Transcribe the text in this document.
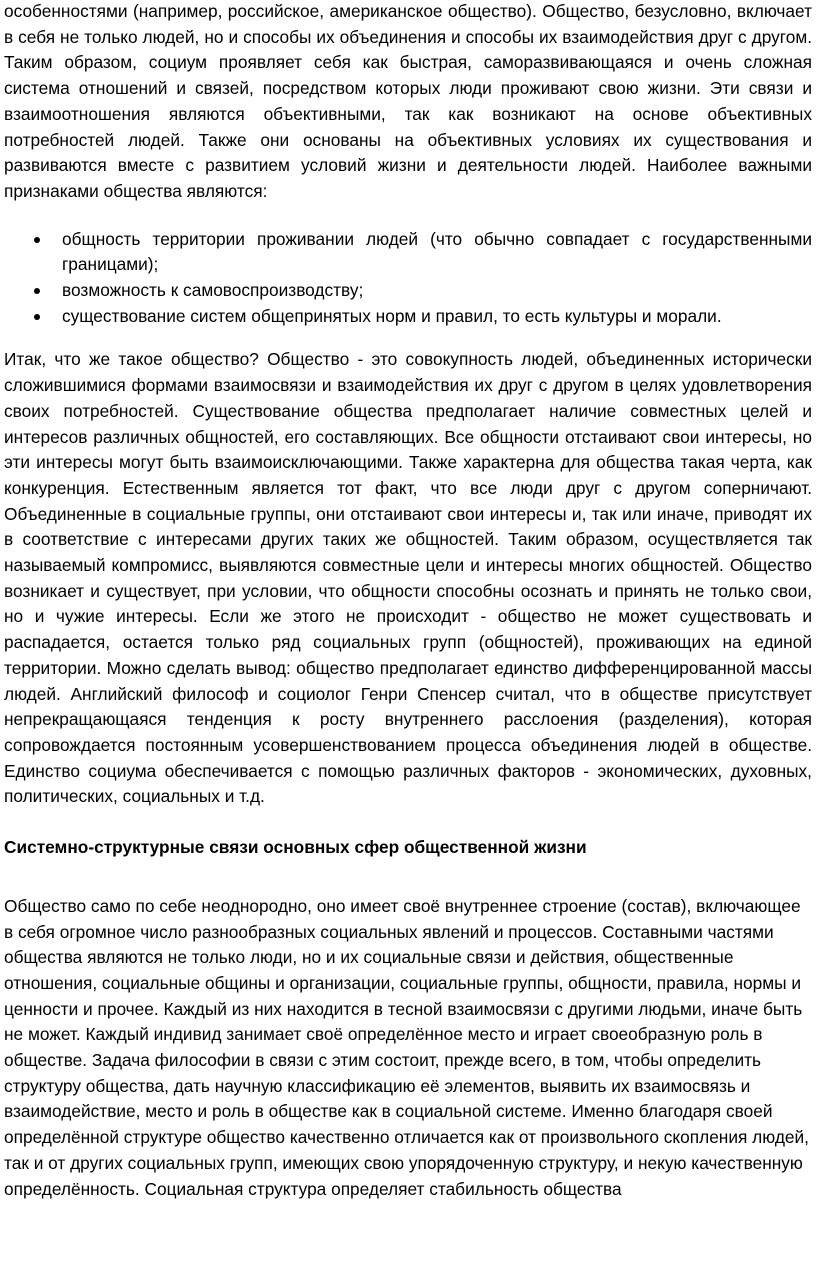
особенностями (например, российское, американское общество). Общество, безусловно, включает в себя не только людей, но и способы их объединения и способы их взаимодействия друг с другом. Таким образом, социум проявляет себя как быстрая, саморазвивающаяся и очень сложная система отношений и связей, посредством которых люди проживают свою жизни. Эти связи и взаимоотношения являются объективными, так как возникают на основе объективных потребностей людей. Также они основаны на объективных условиях их существования и развиваются вместе с развитием условий жизни и деятельности людей. Наиболее важными признаками общества являются:

общность территории проживании людей (что обычно совпадает с государственными границами);
возможность к самовоспроизводству;
существование систем общепринятых норм и правил, то есть культуры и морали.

Итак, что же такое общество? Общество - это совокупность людей, объединенных исторически сложившимися формами взаимосвязи и взаимодействия их друг с другом в целях удовлетворения своих потребностей. Существование общества предполагает наличие совместных целей и интересов различных общностей, его составляющих. Все общности отстаивают свои интересы, но эти интересы могут быть взаимоисключающими. Также характерна для общества такая черта, как конкуренция. Естественным является тот факт, что все люди друг с другом соперничают. Объединенные в социальные группы, они отстаивают свои интересы и, так или иначе, приводят их в соответствие с интересами других таких же общностей. Таким образом, осуществляется так называемый компромисс, выявляются совместные цели и интересы многих общностей. Общество возникает и существует, при условии, что общности способны осознать и принять не только свои, но и чужие интересы. Если же этого не происходит - общество не может существовать и распадается, остается только ряд социальных групп (общностей), проживающих на единой территории. Можно сделать вывод: общество предполагает единство дифференцированной массы людей. Английский философ и социолог Генри Спенсер считал, что в обществе присутствует непрекращающаяся тенденция к росту внутреннего расслоения (разделения), которая сопровождается постоянным усовершенствованием процесса объединения людей в обществе. Единство социума обеспечивается с помощью различных факторов - экономических, духовных, политических, социальных и т.д.

Системно-структурные связи основных сфер общественной жизни

Общество само по себе неоднородно, оно имеет своё внутреннее строение (состав), включающее в себя огромное число разнообразных социальных явлений и процессов. Составными частями общества являются не только люди, но и их социальные связи и действия, общественные отношения, социальные общины и организации, социальные группы, общности, правила, нормы и ценности и прочее. Каждый из них находится в тесной взаимосвязи с другими людьми, иначе быть не может. Каждый индивид занимает своё определённое место и играет своеобразную роль в обществе. Задача философии в связи с этим состоит, прежде всего, в том, чтобы определить структуру общества, дать научную классификацию её элементов, выявить их взаимосвязь и взаимодействие, место и роль в обществе как в социальной системе. Именно благодаря своей определённой структуре общество качественно отличается как от произвольного скопления людей, так и от других социальных групп, имеющих свою упорядоченную структуру, и некую качественную определённость. Социальная структура определяет стабильность общества
